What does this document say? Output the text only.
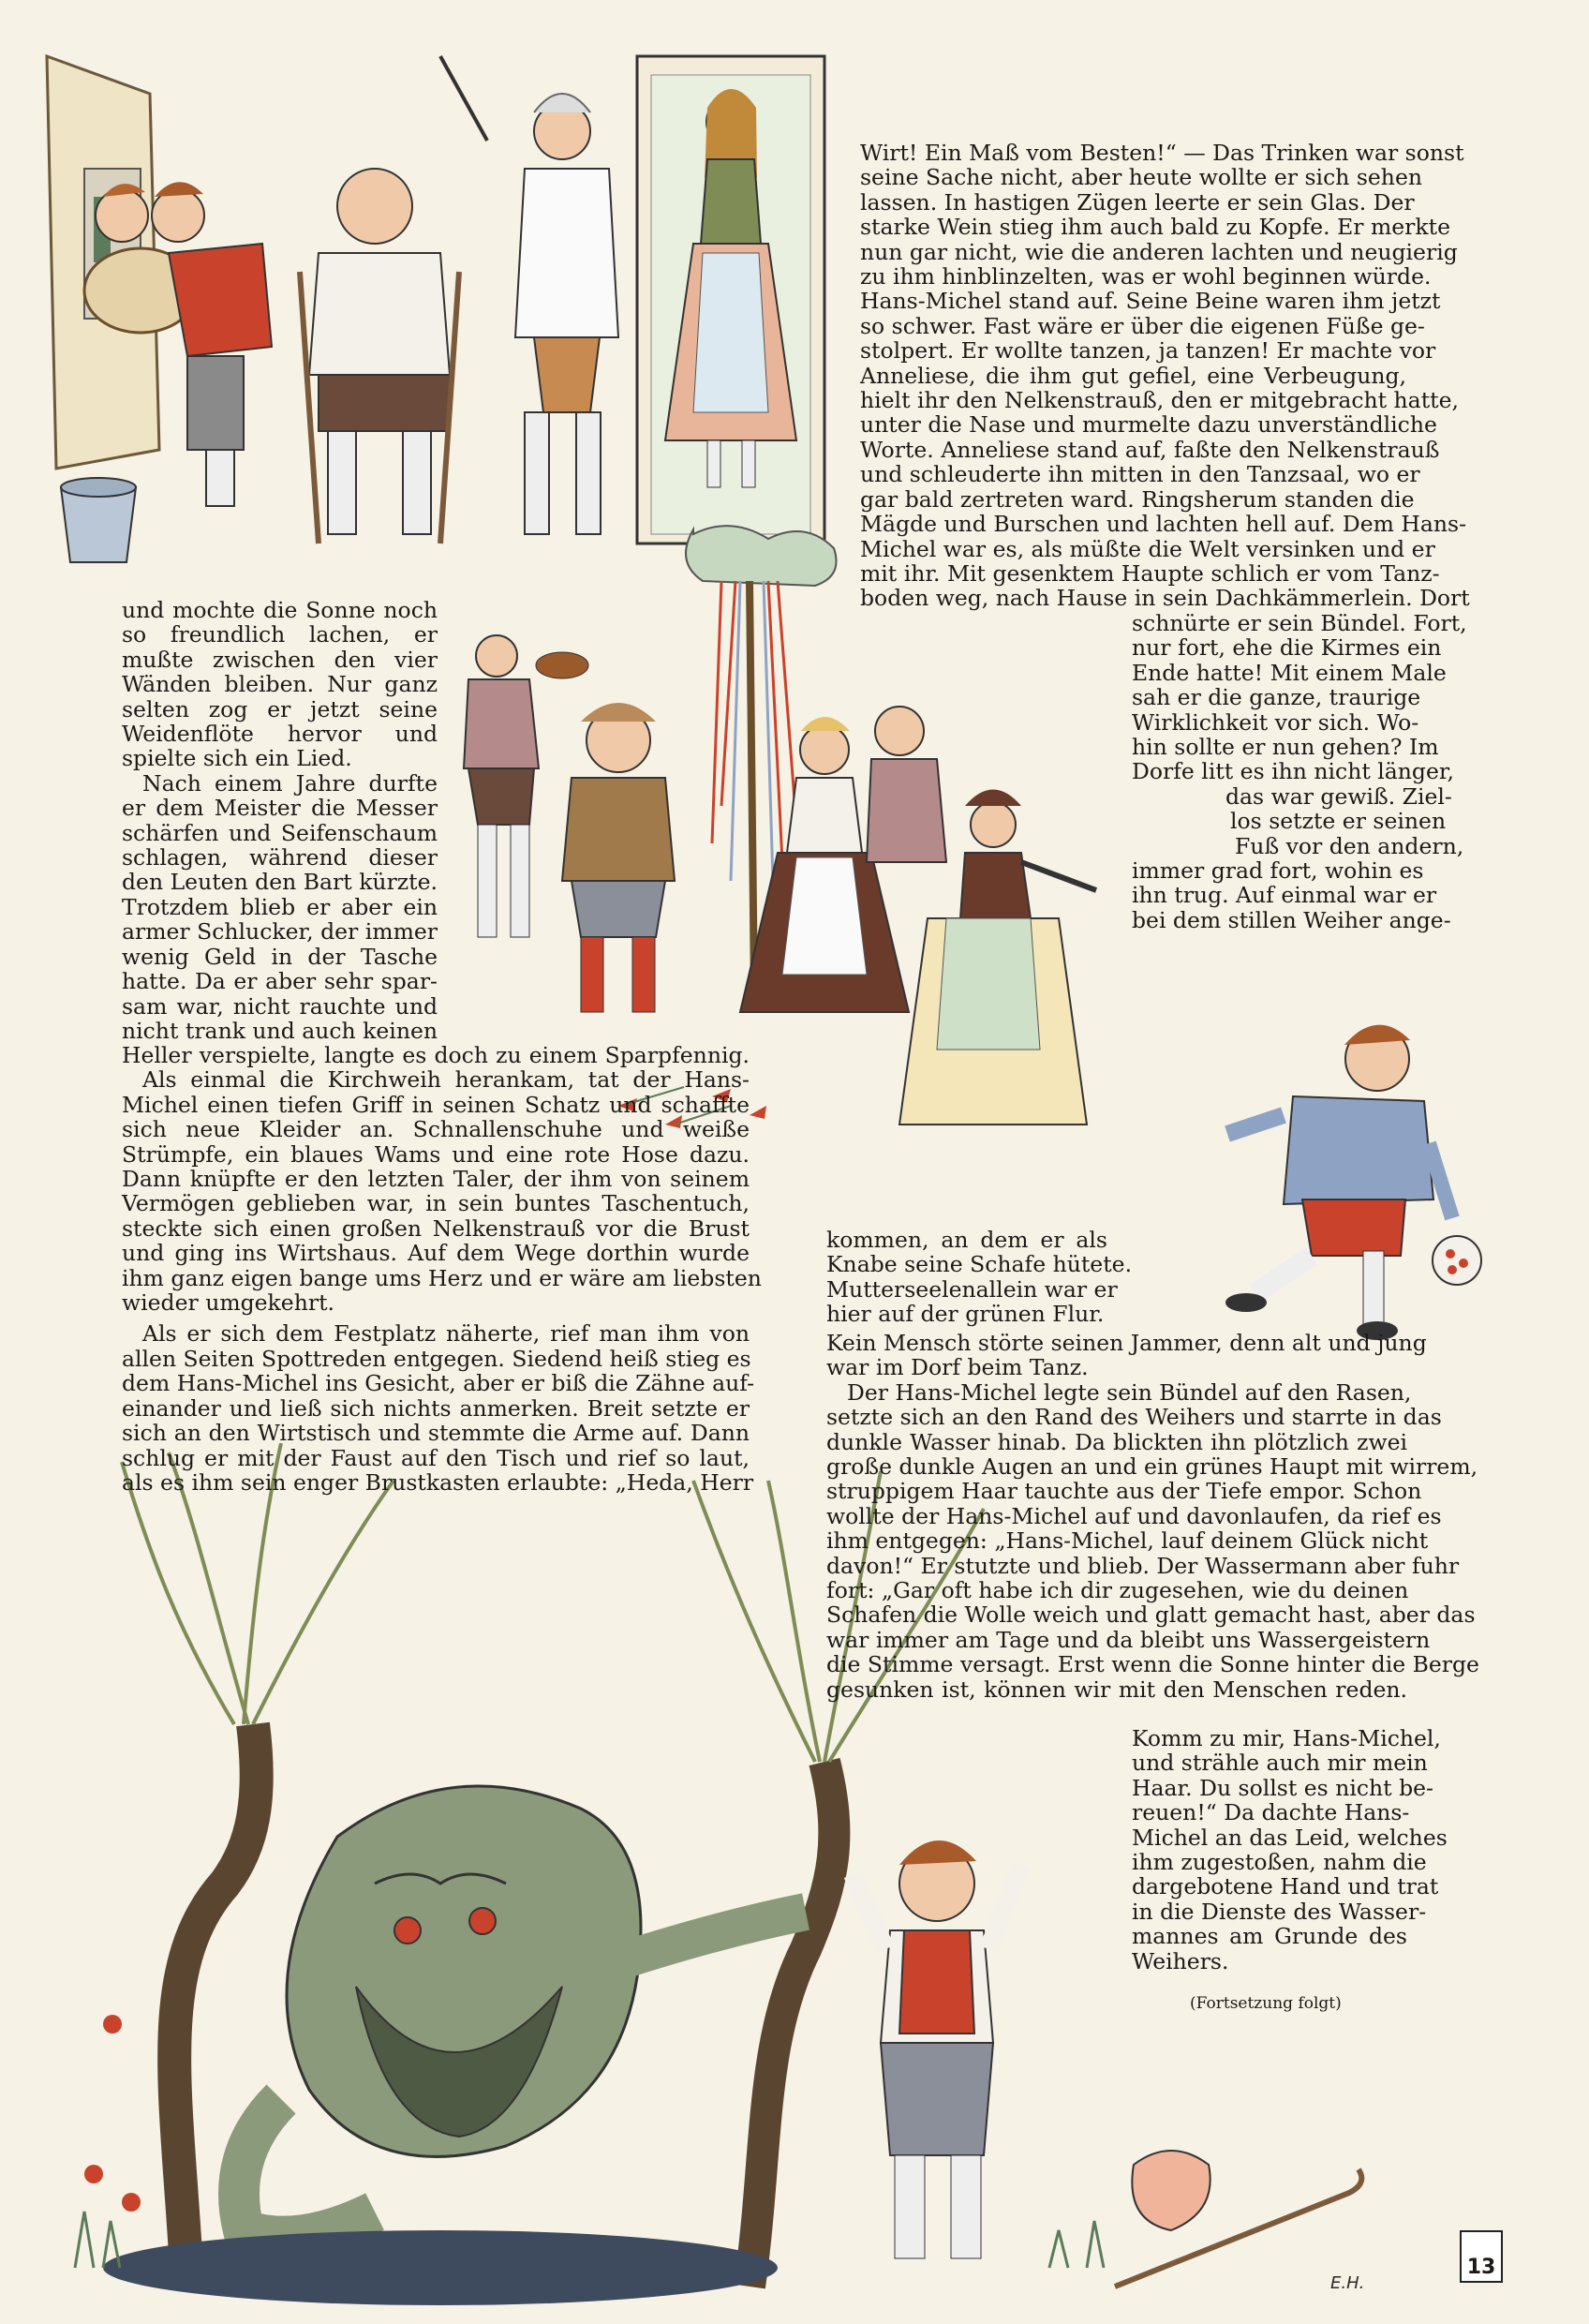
Wirt! Ein Maß vom Besten!“ — Das Trinken war sonst
seine Sache nicht, aber heute wollte er sich sehen
lassen. In hastigen Zügen leerte er sein Glas. Der
starke Wein stieg ihm auch bald zu Kopfe. Er merkte
nun gar nicht, wie die anderen lachten und neugierig
zu ihm hinblinzelten, was er wohl beginnen würde.
Hans-Michel stand auf. Seine Beine waren ihm jetzt
so schwer. Fast wäre er über die eigenen Füße ge-
stolpert. Er wollte tanzen, ja tanzen! Er machte vor
Anneliese, die ihm gut gefiel, eine Verbeugung,
hielt ihr den Nelkenstrauß, den er mitgebracht hatte,
unter die Nase und murmelte dazu unverständliche
Worte. Anneliese stand auf, faßte den Nelkenstrauß
und schleuderte ihn mitten in den Tanzsaal, wo er
gar bald zertreten ward. Ringsherum standen die
Mägde und Burschen und lachten hell auf. Dem Hans-
Michel war es, als müßte die Welt versinken und er
mit ihr. Mit gesenktem Haupte schlich er vom Tanz-
boden weg, nach Hause in sein Dachkämmerlein. Dort
schnürte er sein Bündel. Fort,
nur fort, ehe die Kirmes ein
Ende hatte! Mit einem Male
sah er die ganze, traurige
Wirklichkeit vor sich. Wo-
hin sollte er nun gehen? Im
Dorfe litt es ihn nicht länger,
das war gewiß. Ziel-
los setzte er seinen
Fuß vor den andern,
immer grad fort, wohin es
ihn trug. Auf einmal war er
bei dem stillen Weiher ange-
und mochte die Sonne noch
so freundlich lachen, er
mußte zwischen den vier
Wänden bleiben. Nur ganz
selten zog er jetzt seine
Weidenflöte hervor und
spielte sich ein Lied.
Nach einem Jahre durfte
er dem Meister die Messer
schärfen und Seifenschaum
schlagen, während dieser
den Leuten den Bart kürzte.
Trotzdem blieb er aber ein
armer Schlucker, der immer
wenig Geld in der Tasche
hatte. Da er aber sehr spar-
sam war, nicht rauchte und
nicht trank und auch keinen
Heller verspielte, langte es doch zu einem Sparpfennig.
Als einmal die Kirchweih herankam, tat der Hans-
Michel einen tiefen Griff in seinen Schatz und schaffte
sich neue Kleider an. Schnallenschuhe und weiße
Strümpfe, ein blaues Wams und eine rote Hose dazu.
Dann knüpfte er den letzten Taler, der ihm von seinem
Vermögen geblieben war, in sein buntes Taschentuch,
steckte sich einen großen Nelkenstrauß vor die Brust
und ging ins Wirtshaus. Auf dem Wege dorthin wurde
ihm ganz eigen bange ums Herz und er wäre am liebsten
wieder umgekehrt.
Als er sich dem Festplatz näherte, rief man ihm von
allen Seiten Spottreden entgegen. Siedend heiß stieg es
dem Hans-Michel ins Gesicht, aber er biß die Zähne auf-
einander und ließ sich nichts anmerken. Breit setzte er
sich an den Wirtstisch und stemmte die Arme auf. Dann
schlug er mit der Faust auf den Tisch und rief so laut,
als es ihm sein enger Brustkasten erlaubte: „Heda, Herr
kommen, an dem er als
Knabe seine Schafe hütete.
Mutterseelenallein war er
hier auf der grünen Flur.
Kein Mensch störte seinen Jammer, denn alt und jung
war im Dorf beim Tanz.
Der Hans-Michel legte sein Bündel auf den Rasen,
setzte sich an den Rand des Weihers und starrte in das
dunkle Wasser hinab. Da blickten ihn plötzlich zwei
große dunkle Augen an und ein grünes Haupt mit wirrem,
struppigem Haar tauchte aus der Tiefe empor. Schon
wollte der Hans-Michel auf und davonlaufen, da rief es
ihm entgegen: „Hans-Michel, lauf deinem Glück nicht
davon!“ Er stutzte und blieb. Der Wassermann aber fuhr
fort: „Gar oft habe ich dir zugesehen, wie du deinen
Schafen die Wolle weich und glatt gemacht hast, aber das
war immer am Tage und da bleibt uns Wassergeistern
die Stimme versagt. Erst wenn die Sonne hinter die Berge
gesunken ist, können wir mit den Menschen reden.
Komm zu mir, Hans-Michel,
und strähle auch mir mein
Haar. Du sollst es nicht be-
reuen!“ Da dachte Hans-
Michel an das Leid, welches
ihm zugestoßen, nahm die
dargebotene Hand und trat
in die Dienste des Wasser-
mannes am Grunde des
Weihers.
(Fortsetzung folgt)
E.H.
13
